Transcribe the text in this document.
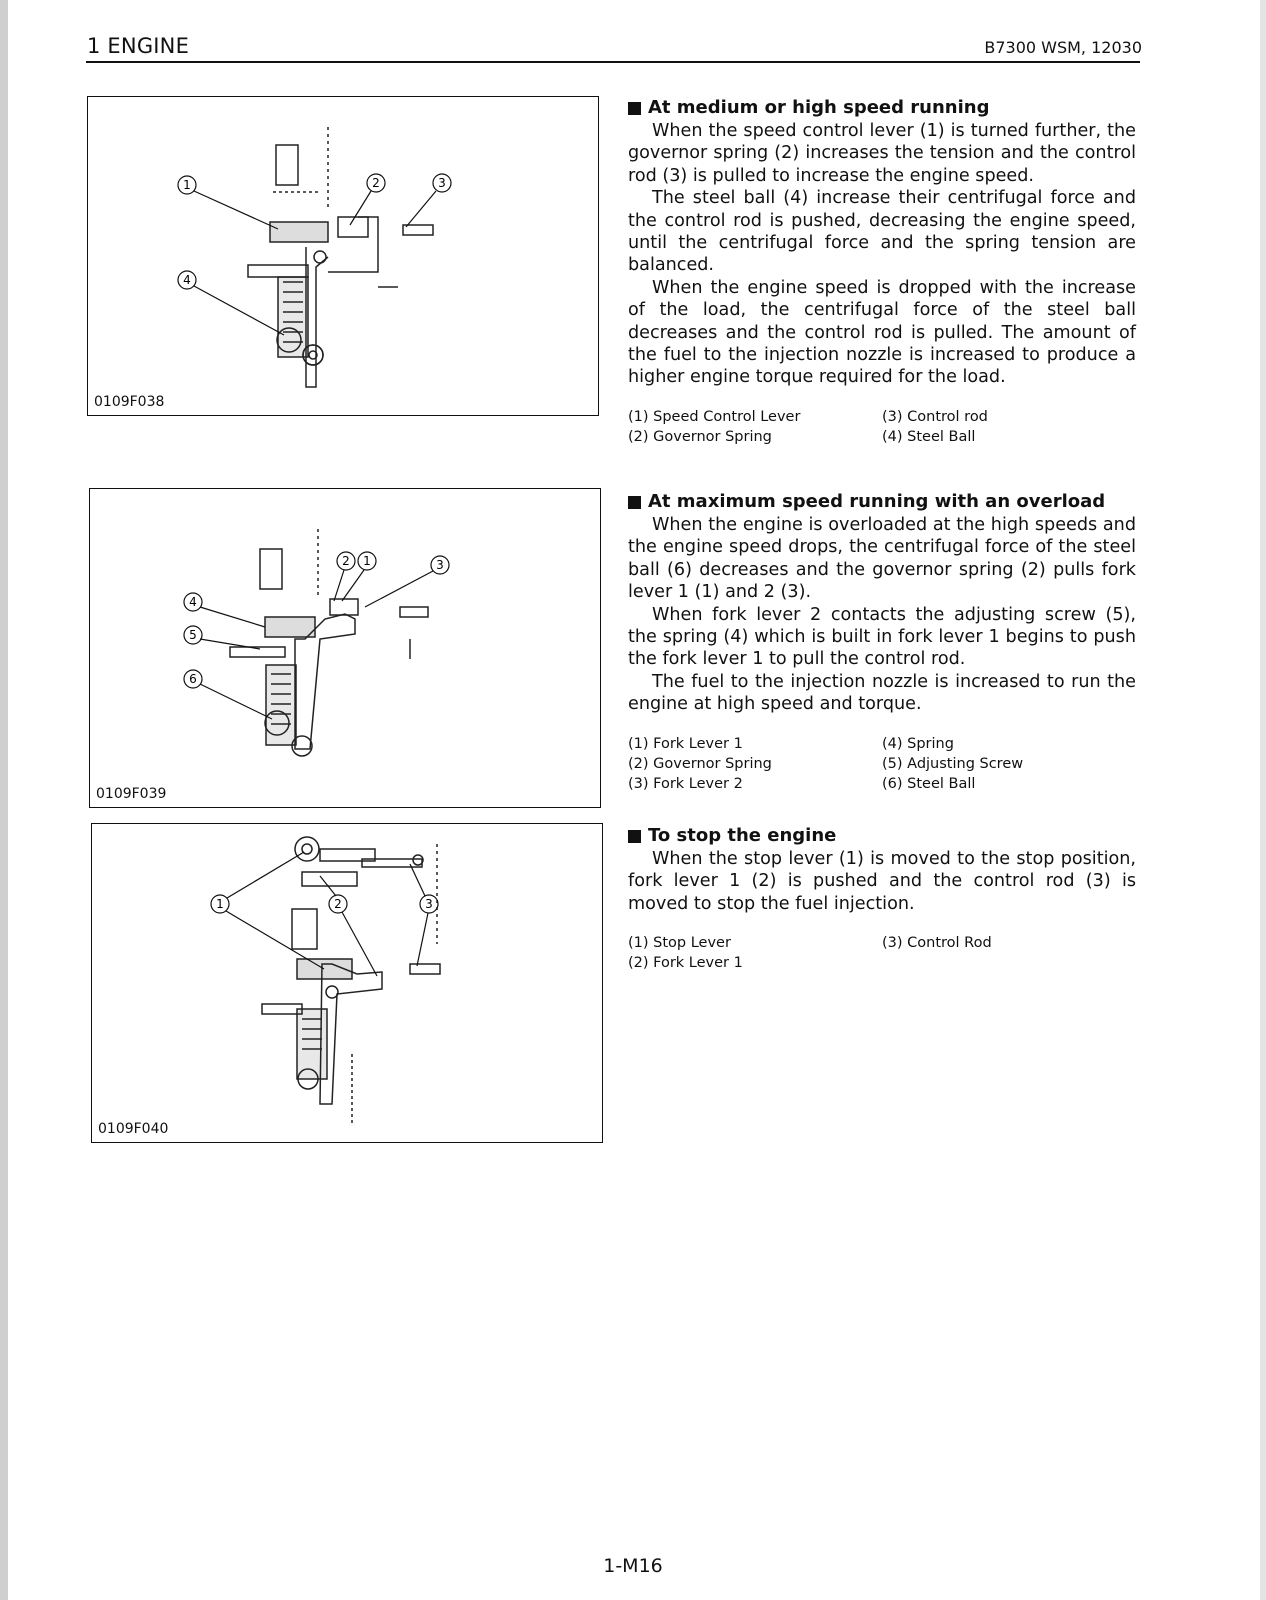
1 ENGINE	B7300 WSM, 12030
1	2	3
4
0109F038
2 1	3
4
5
6
0109F039
1	2	3
0109F040
At medium or high speed running

When the speed control lever (1) is turned further, the governor spring (2) increases the tension and the control rod (3) is pulled to increase the engine speed.

The steel ball (4) increase their centrifugal force and the control rod is pushed, decreasing the engine speed, until the centrifugal force and the spring tension are balanced.

When the engine speed is dropped with the increase of the load, the centrifugal force of the steel ball decreases and the control rod is pulled. The amount of the fuel to the injection nozzle is increased to produce a higher engine torque required for the load.

(1) Speed Control Lever	(3) Control rod
(2) Governor Spring	(4) Steel Ball
At maximum speed running with an overload

When the engine is overloaded at the high speeds and the engine speed drops, the centrifugal force of the steel ball (6) decreases and the governor spring (2) pulls fork lever 1 (1) and 2 (3).

When fork lever 2 contacts the adjusting screw (5), the spring (4) which is built in fork lever 1 begins to push the fork lever 1 to pull the control rod.

The fuel to the injection nozzle is increased to run the engine at high speed and torque.

(1) Fork Lever 1	(4) Spring
(2) Governor Spring	(5) Adjusting Screw
(3) Fork Lever 2	(6) Steel Ball
To stop the engine

When the stop lever (1) is moved to the stop position, fork lever 1 (2) is pushed and the control rod (3) is moved to stop the fuel injection.

(1) Stop Lever	(3) Control Rod
(2) Fork Lever 1
1-M16
